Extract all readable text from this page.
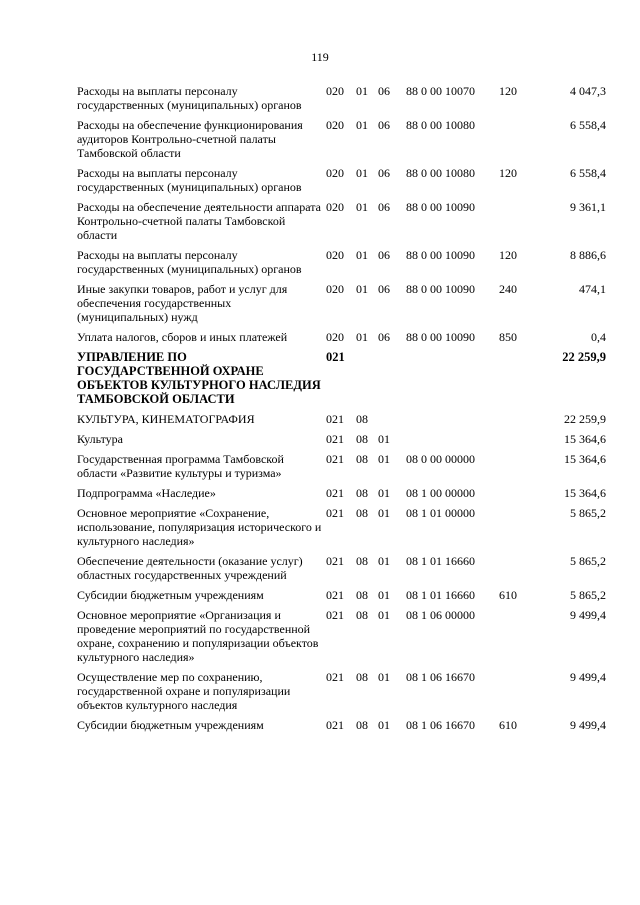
119
Расходы на выплаты персоналу государственных (муниципальных) органов	020	01	06	88 0 00 10070	120	4 047,3
Расходы на обеспечение функционирования аудиторов Контрольно-счетной палаты Тамбовской области	020	01	06	88 0 00 10080		6 558,4
Расходы на выплаты персоналу государственных (муниципальных) органов	020	01	06	88 0 00 10080	120	6 558,4
Расходы на обеспечение деятельности аппарата Контрольно-счетной палаты Тамбовской области	020	01	06	88 0 00 10090		9 361,1
Расходы на выплаты персоналу государственных (муниципальных) органов	020	01	06	88 0 00 10090	120	8 886,6
Иные закупки товаров, работ и услуг для обеспечения государственных (муниципальных) нужд	020	01	06	88 0 00 10090	240	474,1
Уплата налогов, сборов и иных платежей	020	01	06	88 0 00 10090	850	0,4
УПРАВЛЕНИЕ ПО ГОСУДАРСТВЕННОЙ ОХРАНЕ ОБЪЕКТОВ КУЛЬТУРНОГО НАСЛЕДИЯ ТАМБОВСКОЙ ОБЛАСТИ	021					22 259,9
КУЛЬТУРА, КИНЕМАТОГРАФИЯ	021	08				22 259,9
Культура	021	08	01			15 364,6
Государственная программа Тамбовской области «Развитие культуры и туризма»	021	08	01	08 0 00 00000		15 364,6
Подпрограмма «Наследие»	021	08	01	08 1 00 00000		15 364,6
Основное мероприятие «Сохранение, использование, популяризация исторического и культурного наследия»	021	08	01	08 1 01 00000		5 865,2
Обеспечение деятельности (оказание услуг) областных государственных учреждений	021	08	01	08 1 01 16660		5 865,2
Субсидии бюджетным учреждениям	021	08	01	08 1 01 16660	610	5 865,2
Основное мероприятие «Организация и проведение мероприятий по государственной охране, сохранению и популяризации объектов культурного наследия»	021	08	01	08 1 06 00000		9 499,4
Осуществление мер по сохранению, государственной охране и популяризации объектов культурного наследия	021	08	01	08 1 06 16670		9 499,4
Субсидии бюджетным учреждениям	021	08	01	08 1 06 16670	610	9 499,4
